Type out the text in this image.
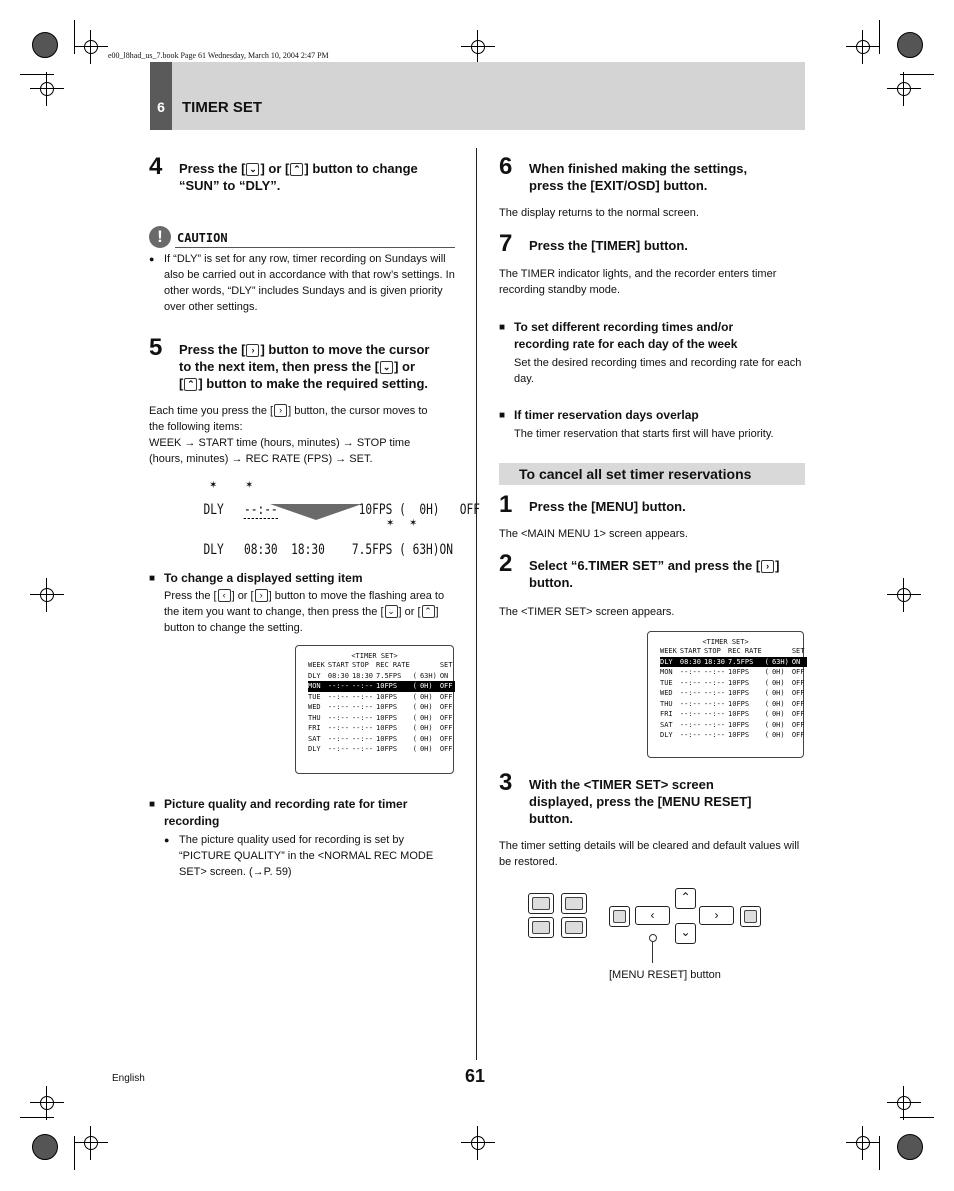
e00_l8had_us_7.book Page 61 Wednesday, March 10, 2004 2:47 PM
6	TIMER SET
4 Press the [ ⌄ ] or [ ⌃ ] button to change
“SUN” to “DLY”.
!	CAUTION
● If “DLY” is set for any row, timer recording on Sundays will also be carried out in accordance with that row’s settings. In other words, “DLY” includes Sundays and is given priority over other settings.
5 Press the [ › ] button to move the cursor
to the next item, then press the [ ⌄ ] or
[ ⌃ ] button to make the required setting.
Each time you press the [ › ] button, the cursor moves to
the following items:
WEEK → START time (hours, minutes) → STOP time
(hours, minutes) → REC RATE (FPS) → SET.

DLY --:-- --:-- 10FPS ( 0H) OFF

✶	✶

DLY 08:30 18:30 7.5FPS ( 63H)ON

✶ ✶
■ To change a displayed setting item
Press the [ ‹ ] or [ › ] button to move the flashing area to
the item you want to change, then press the [ ⌄ ] or [ ⌃ ]
button to change the setting.
<TIMER SET>
WEEK	START	STOP	REC RATE			SET
DLY	08:30	18:30	7.5FPS	(	63H)	ON
MON	--:--	--:--	10FPS	(	0H)	OFF
TUE	--:--	--:--	10FPS	(	0H)	OFF
WED	--:--	--:--	10FPS	(	0H)	OFF
THU	--:--	--:--	10FPS	(	0H)	OFF
FRI	--:--	--:--	10FPS	(	0H)	OFF
SAT	--:--	--:--	10FPS	(	0H)	OFF
DLY	--:--	--:--	10FPS	(	0H)	OFF
■ Picture quality and recording rate for timer
recording
● The picture quality used for recording is set by “PICTURE QUALITY” in the <NORMAL REC MODE SET> screen. (→P. 59)
6 When finished making the settings,
press the [EXIT/OSD] button.
The display returns to the normal screen.
7 Press the [TIMER] button.
The TIMER indicator lights, and the recorder enters timer recording standby mode.
■ To set different recording times and/or
recording rate for each day of the week
Set the desired recording times and recording rate for each day.
■ If timer reservation days overlap
The timer reservation that starts first will have priority.
To cancel all set timer reservations
1 Press the [MENU] button.
The <MAIN MENU 1> screen appears.
2 Select “6.TIMER SET” and press the [ › ]
button.
The <TIMER SET> screen appears.
<TIMER SET>
WEEK	START	STOP	REC RATE			SET
DLY	08:30	18:30	7.5FPS	(	63H)	ON
MON	--:--	--:--	10FPS	(	0H)	OFF
TUE	--:--	--:--	10FPS	(	0H)	OFF
WED	--:--	--:--	10FPS	(	0H)	OFF
THU	--:--	--:--	10FPS	(	0H)	OFF
FRI	--:--	--:--	10FPS	(	0H)	OFF
SAT	--:--	--:--	10FPS	(	0H)	OFF
DLY	--:--	--:--	10FPS	(	0H)	OFF
3 With the <TIMER SET> screen
displayed, press the [MENU RESET]
button.
The timer setting details will be cleared and default values will be restored.
‹
⌃
›
⌄
[MENU RESET] button
English	61
